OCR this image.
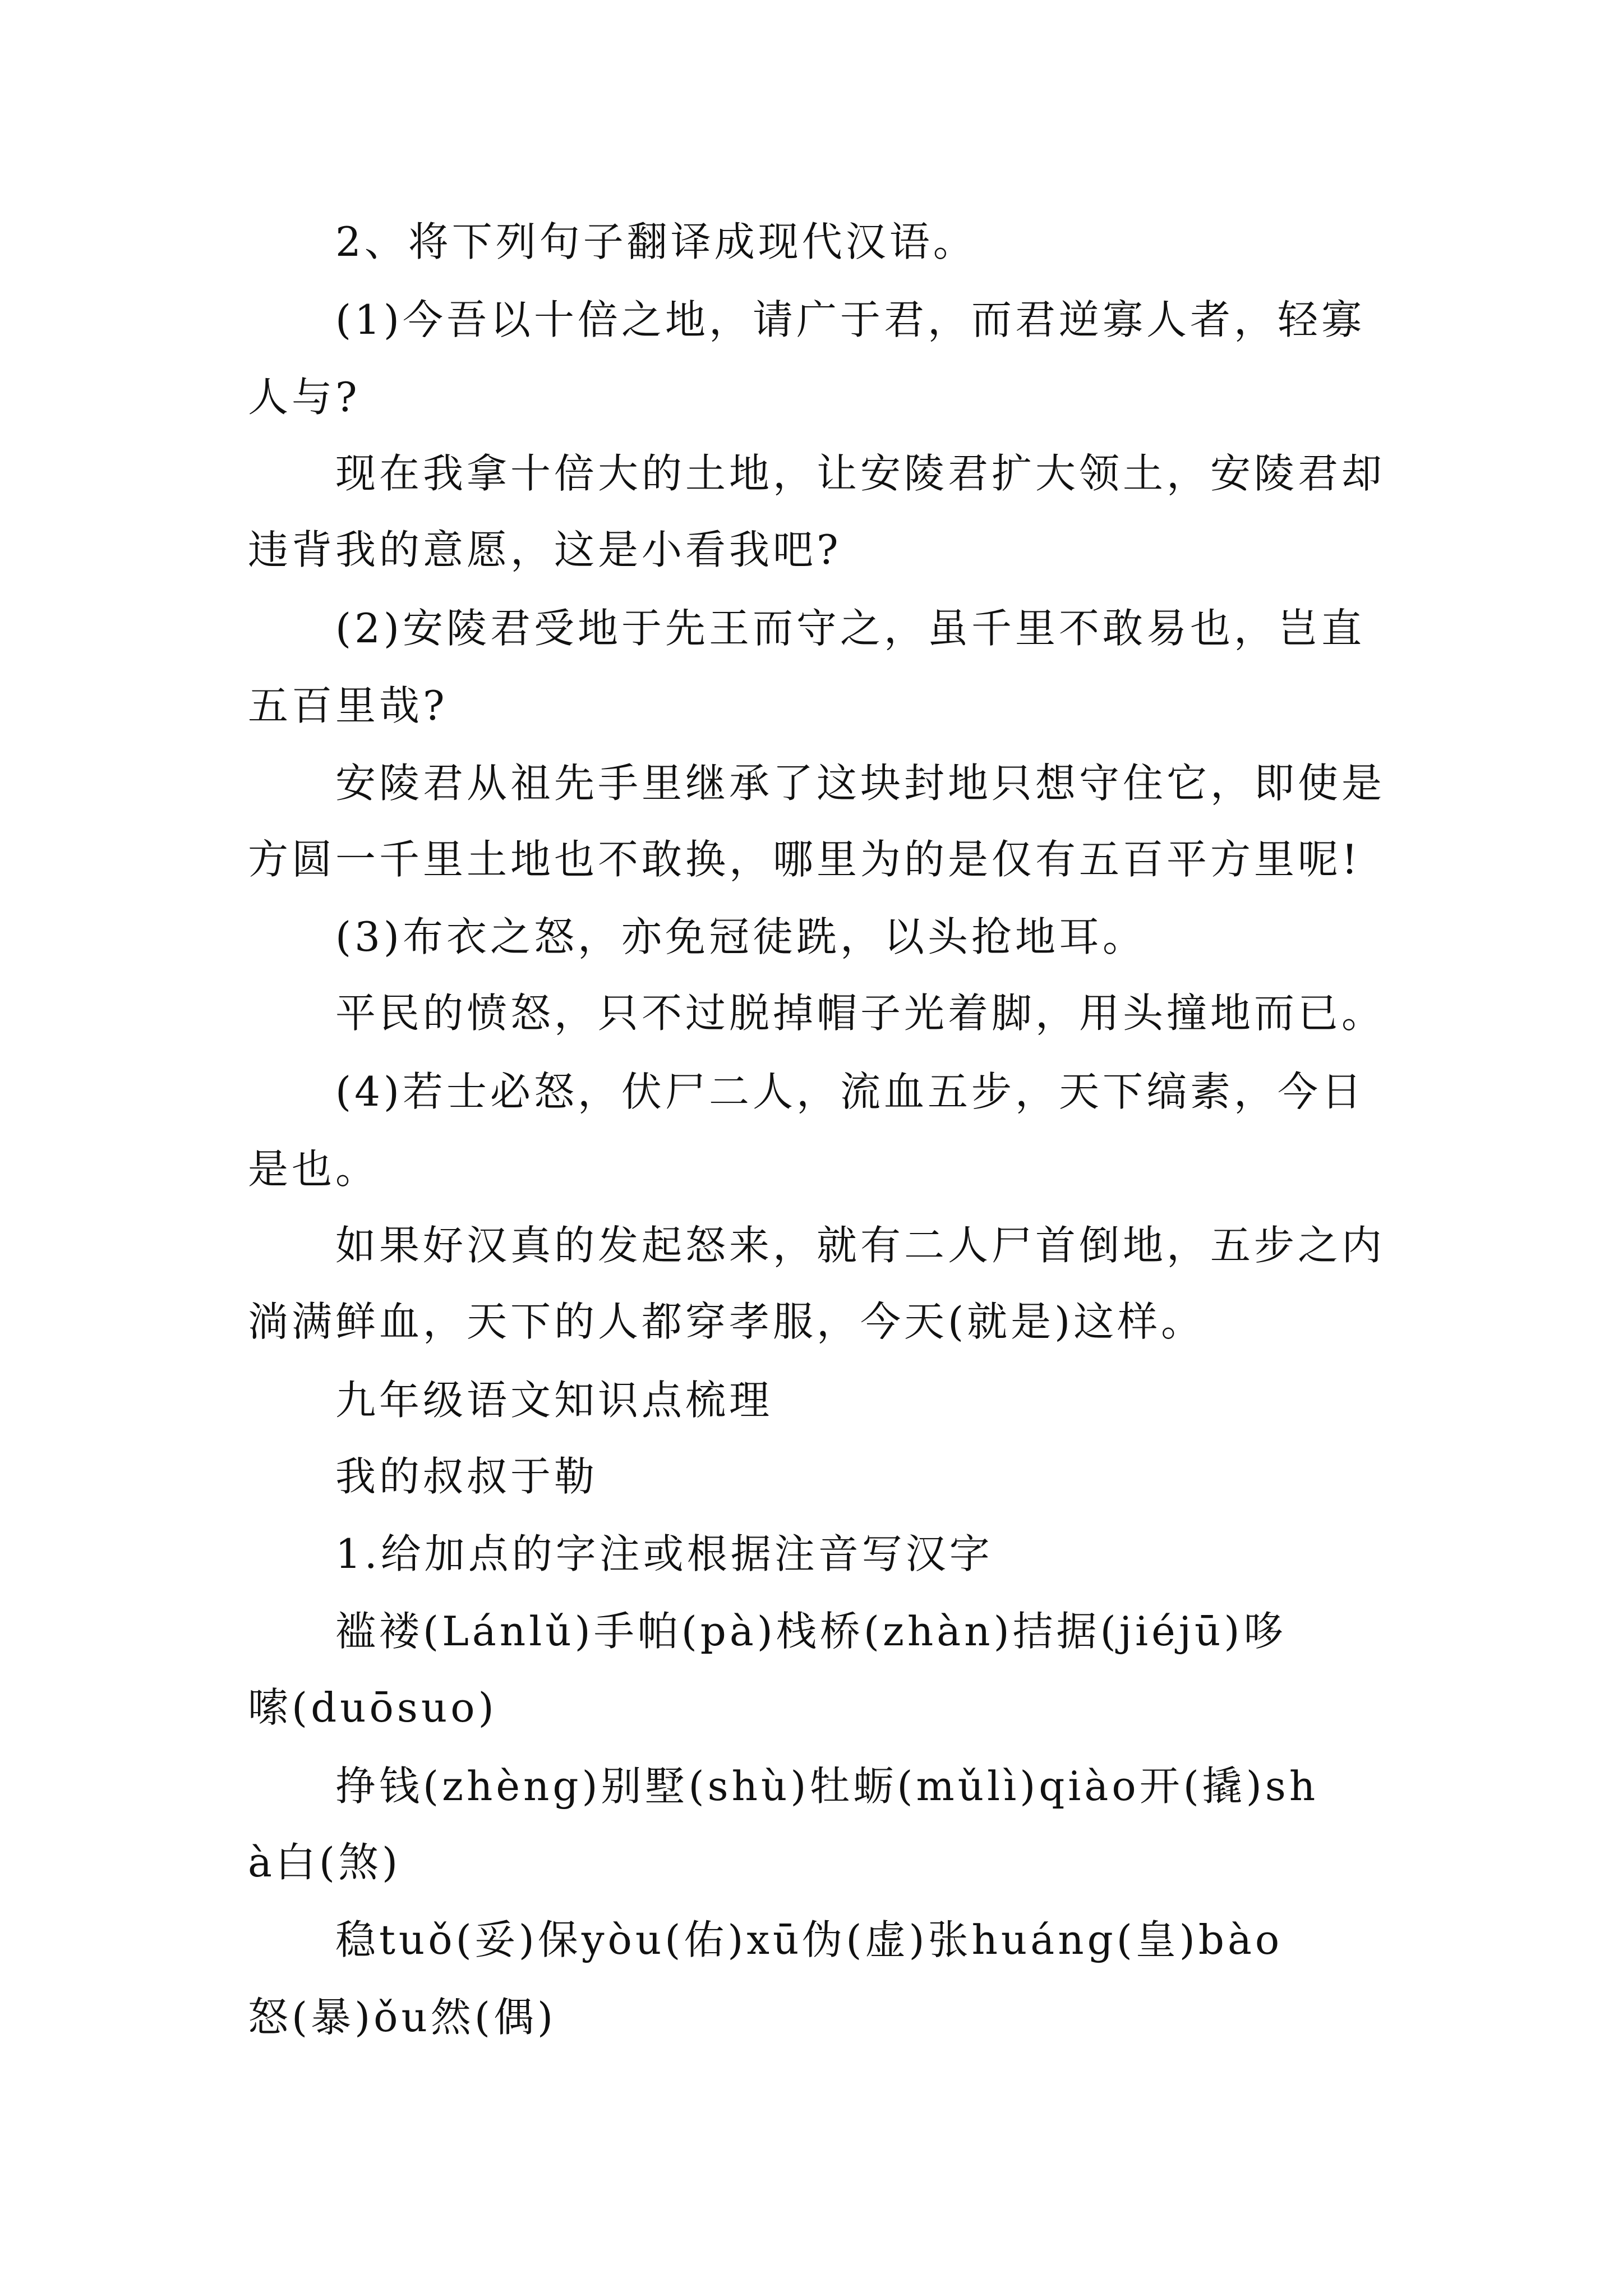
2、将下列句子翻译成现代汉语。
(1)今吾以十倍之地，请广于君，而君逆寡人者，轻寡
人与?
现在我拿十倍大的土地，让安陵君扩大领土，安陵君却
违背我的意愿，这是小看我吧?
(2)安陵君受地于先王而守之，虽千里不敢易也，岂直
五百里哉?
安陵君从祖先手里继承了这块封地只想守住它，即使是
方圆一千里土地也不敢换，哪里为的是仅有五百平方里呢!
(3)布衣之怒，亦免冠徒跣，以头抢地耳。
平民的愤怒，只不过脱掉帽子光着脚，用头撞地而已。
(4)若士必怒，伏尸二人，流血五步，天下缟素，今日
是也。
如果好汉真的发起怒来，就有二人尸首倒地，五步之内
淌满鲜血，天下的人都穿孝服，今天(就是)这样。
九年级语文知识点梳理
我的叔叔于勒
1.给加点的字注或根据注音写汉字
褴褛(Lánlǔ)手帕(pà)栈桥(zhàn)拮据(jiéjū)哆
嗦(duōsuo)
挣钱(zhèng)别墅(shù)牡蛎(mǔlì)qiào开(撬)sh
à白(煞)
稳tuǒ(妥)保yòu(佑)xū伪(虚)张huáng(皇)bào
怒(暴)ǒu然(偶)
